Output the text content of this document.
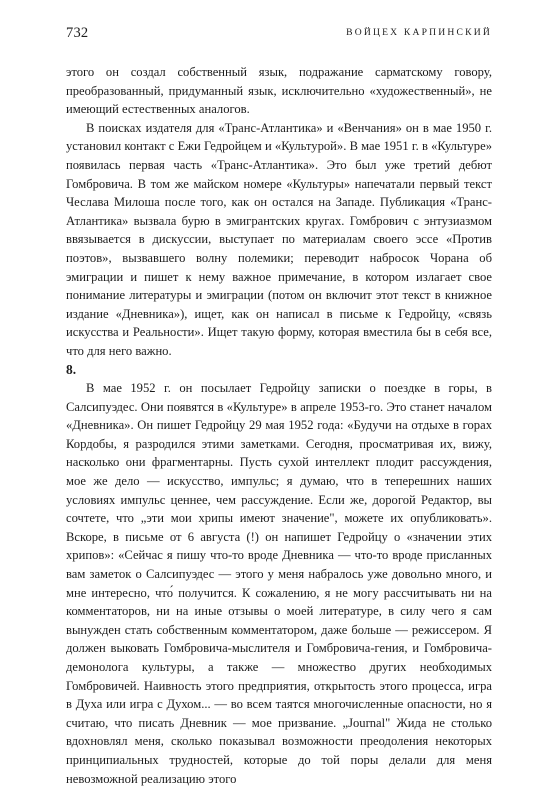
732	ВОЙЦЕХ КАРПИНСКИЙ

этого он создал собственный язык, подражание сарматскому говору, преобразованный, придуманный язык, исключительно «художественный», не имеющий естественных аналогов.

В поисках издателя для «Транс-Атлантика» и «Венчания» он в мае 1950 г. установил контакт с Ежи Гедройцем и «Культурой». В мае 1951 г. в «Культуре» появилась первая часть «Транс-Атлантика». Это был уже третий дебют Гомбровича. В том же майском номере «Культуры» напечатали первый текст Чеслава Милоша после того, как он остался на Западе. Публикация «Транс-Атлантика» вызвала бурю в эмигрантских кругах. Гомбрович с энтузиазмом ввязывается в дискуссии, выступает по материалам своего эссе «Против поэтов», вызвавшего волну полемики; переводит набросок Чорана об эмиграции и пишет к нему важное примечание, в котором излагает свое понимание литературы и эмиграции (потом он включит этот текст в книжное издание «Дневника»), ищет, как он написал в письме к Гедройцу, «связь искусства и Реальности». Ищет такую форму, которая вместила бы в себя все, что для него важно.

8.

В мае 1952 г. он посылает Гедройцу записки о поездке в горы, в Салсипуэдес. Они появятся в «Культуре» в апреле 1953-го. Это станет началом «Дневника». Он пишет Гедройцу 29 мая 1952 года: «Будучи на отдыхе в горах Кордобы, я разродился этими заметками. Сегодня, просматривая их, вижу, насколько они фрагментарны. Пусть сухой интеллект плодит рассуждения, мое же дело — искусство, импульс; я думаю, что в теперешних наших условиях импульс ценнее, чем рассуждение. Если же, дорогой Редактор, вы сочтете, что „эти мои хрипы имеют значение", можете их опубликовать». Вскоре, в письме от 6 августа (!) он напишет Гедройцу о «значении этих хрипов»: «Сейчас я пишу что-то вроде Дневника — что-то вроде присланных вам заметок о Салсипуэдес — этого у меня набралось уже довольно много, и мне интересно, что́ получится. К сожалению, я не могу рассчитывать ни на комментаторов, ни на иные отзывы о моей литературе, в силу чего я сам вынужден стать собственным комментатором, даже больше — режиссером. Я должен выковать Гомбровича-мыслителя и Гомбровича-гения, и Гомбровича-демонолога культуры, а также — множество других необходимых Гомбровичей. Наивность этого предприятия, открытость этого процесса, игра в Духа или игра с Духом... — во всем таятся многочисленные опасности, но я считаю, что писать Дневник — мое призвание. „Journal" Жида не столько вдохновлял меня, сколько показывал возможности преодоления некоторых принципиальных трудностей, которые до той поры делали для меня невозможной реализацию этого
